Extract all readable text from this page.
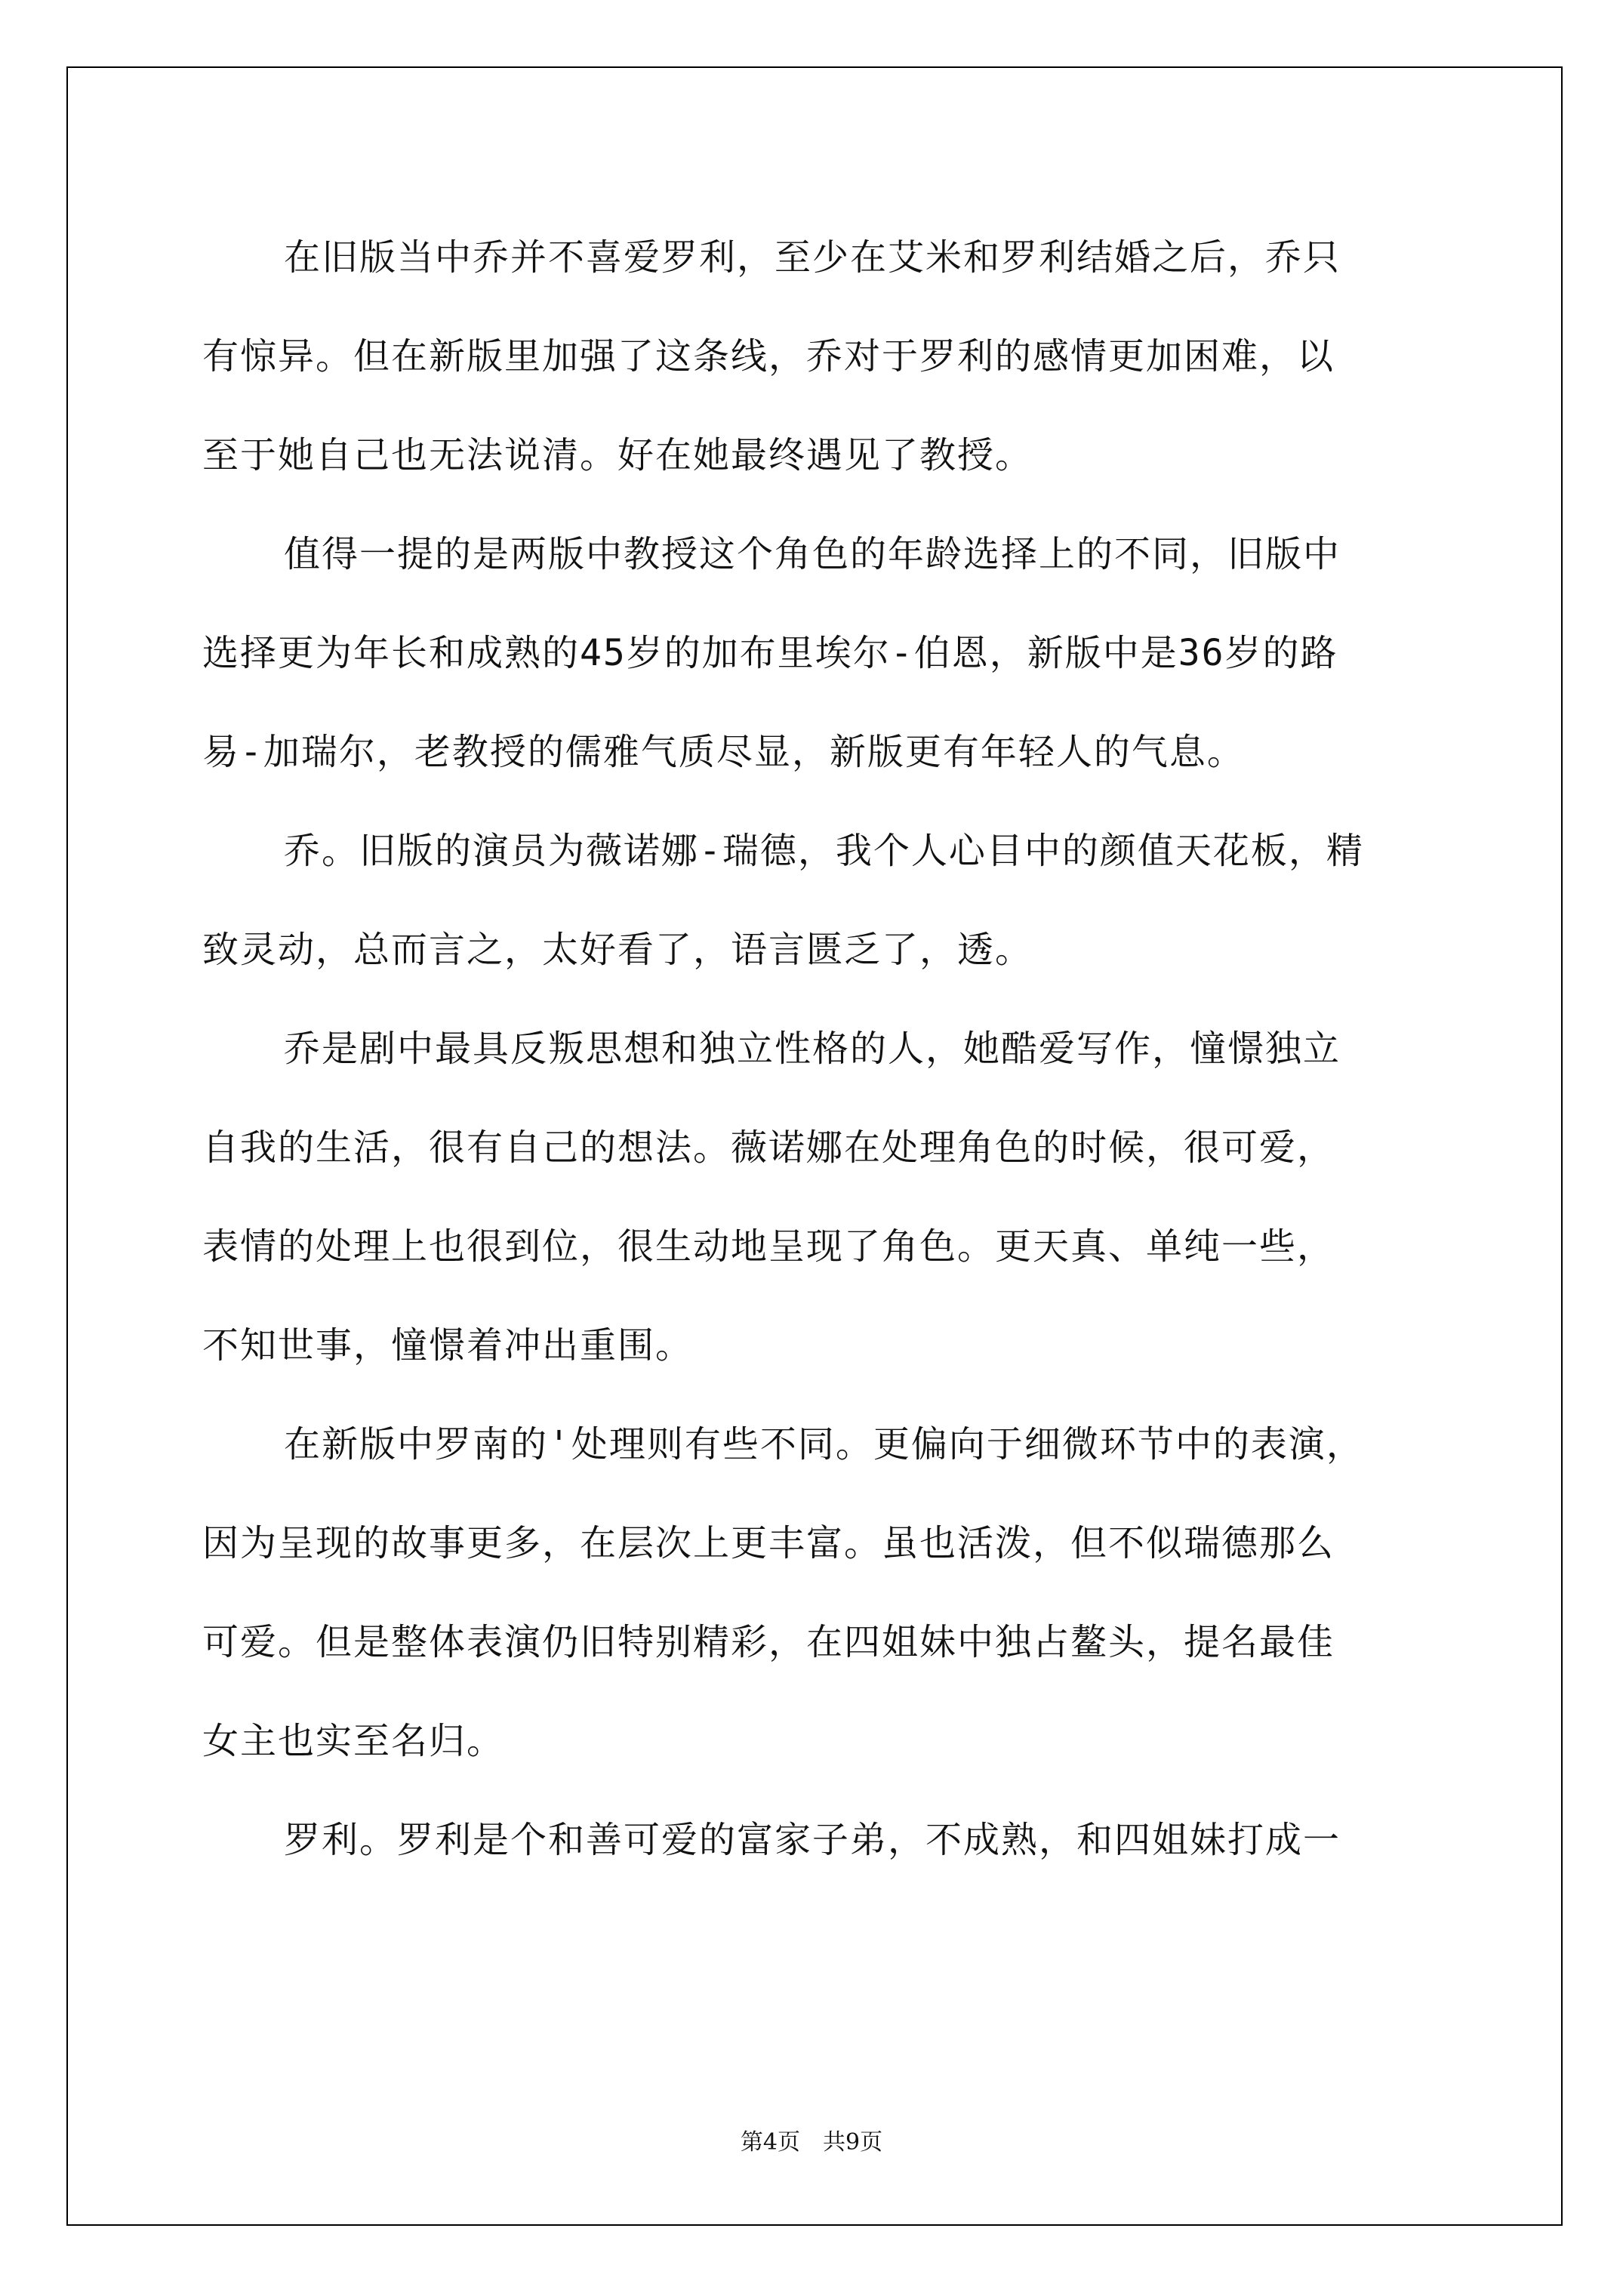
在旧版当中乔并不喜爱罗利，至少在艾米和罗利结婚之后，乔只
有惊异。但在新版里加强了这条线，乔对于罗利的感情更加困难，以
至于她自己也无法说清。好在她最终遇见了教授。
值得一提的是两版中教授这个角色的年龄选择上的不同，旧版中
选择更为年长和成熟的45岁的加布里埃尔-伯恩，新版中是36岁的路
易-加瑞尔，老教授的儒雅气质尽显，新版更有年轻人的气息。
乔。旧版的演员为薇诺娜-瑞德，我个人心目中的颜值天花板，精
致灵动，总而言之，太好看了，语言匮乏了，透。
乔是剧中最具反叛思想和独立性格的人，她酷爱写作，憧憬独立
自我的生活，很有自己的想法。薇诺娜在处理角色的时候，很可爱，
表情的处理上也很到位，很生动地呈现了角色。更天真、单纯一些，
不知世事，憧憬着冲出重围。
在新版中罗南的'处理则有些不同。更偏向于细微环节中的表演，
因为呈现的故事更多，在层次上更丰富。虽也活泼，但不似瑞德那么
可爱。但是整体表演仍旧特别精彩，在四姐妹中独占鳌头，提名最佳
女主也实至名归。
罗利。罗利是个和善可爱的富家子弟，不成熟，和四姐妹打成一
第4页　共9页
